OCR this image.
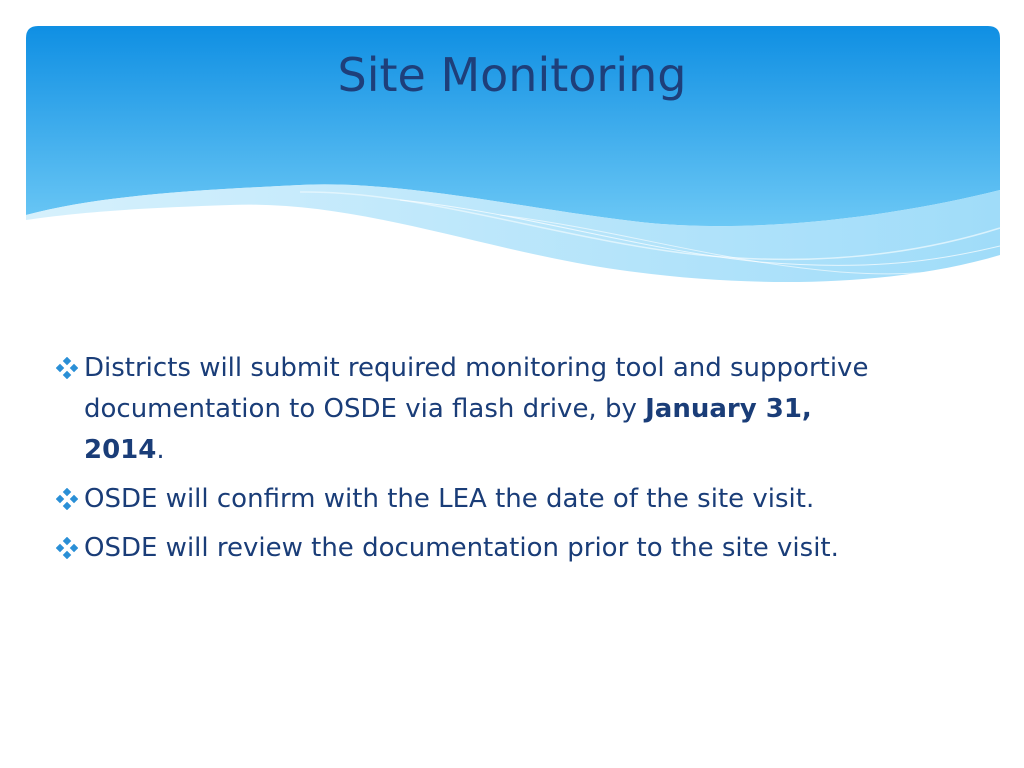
Site Monitoring
Districts will submit required monitoring tool and supportive documentation to OSDE via flash drive, by January 31, 2014.
OSDE will confirm with the LEA the date of the site visit.
OSDE will review the documentation prior to the site visit.
